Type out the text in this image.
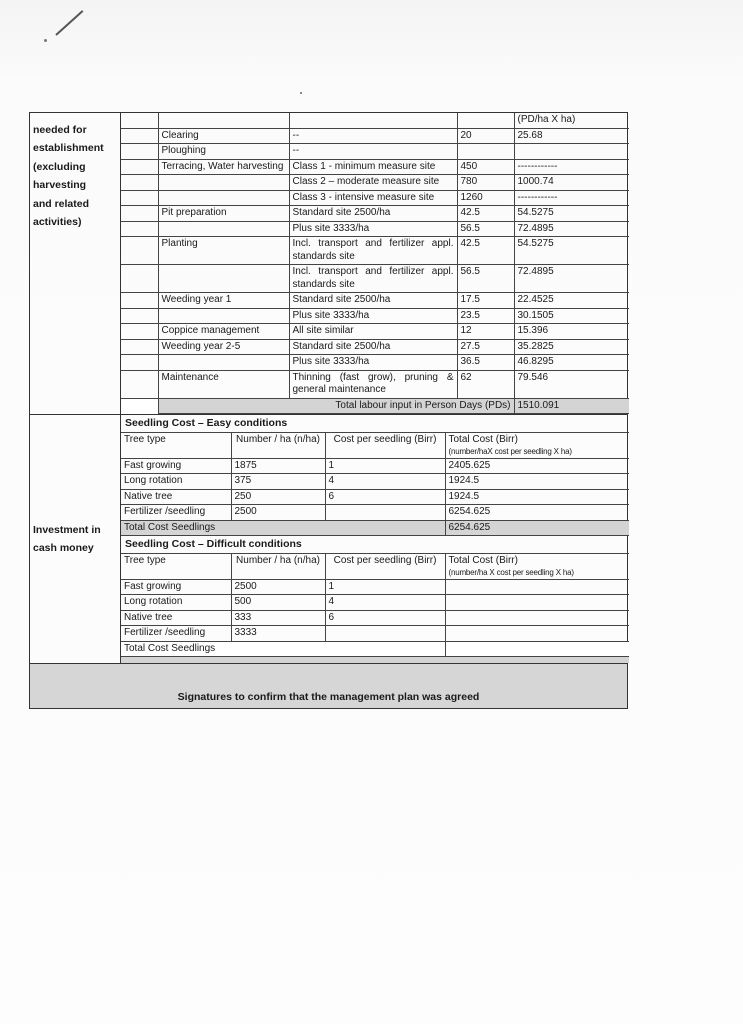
needed for
establishment
(excluding
harvesting
and related
activities)
				(PD/ha X ha)
	Clearing	--	20	25.68
	Ploughing	--		
	Terracing, Water harvesting	Class 1 - minimum measure site	450	------------
		Class 2 – moderate measure site	780	1000.74
		Class 3 - intensive measure site	1260	------------
	Pit preparation	Standard site 2500/ha	42.5	54.5275
		Plus site 3333/ha	56.5	72.4895
	Planting	Incl. transport and fertilizer appl. standards site	42.5	54.5275
		Incl. transport and fertilizer appl. standards site	56.5	72.4895
	Weeding year 1	Standard site 2500/ha	17.5	22.4525
		Plus site 3333/ha	23.5	30.1505
	Coppice management	All site similar	12	15.396
	Weeding year 2-5	Standard site 2500/ha	27.5	35.2825
		Plus site 3333/ha	36.5	46.8295
	Maintenance	Thinning (fast grow), pruning & general maintenance	62	79.546
	Total labour input in Person Days (PDs)			1510.091
Investment in
cash money
Seedling Cost – Easy conditions
Tree type	Number / ha (n/ha)	Cost per seedling (Birr)	Total Cost (Birr)
(number/haX cost per seedling X ha)

Fast growing	1875	1	2405.625
Long rotation	375	4	1924.5
Native tree	250	6	1924.5
Fertilizer /seedling	2500		6254.625
Total Cost Seedlings			6254.625
Seedling Cost – Difficult conditions
Tree type	Number / ha (n/ha)	Cost per seedling (Birr)	Total Cost (Birr)
(number/ha X cost per seedling X ha)

Fast growing	2500	1	
Long rotation	500	4	
Native tree	333	6	
Fertilizer /seedling	3333		
Total Cost Seedlings			
Signatures to confirm that the management plan was agreed
